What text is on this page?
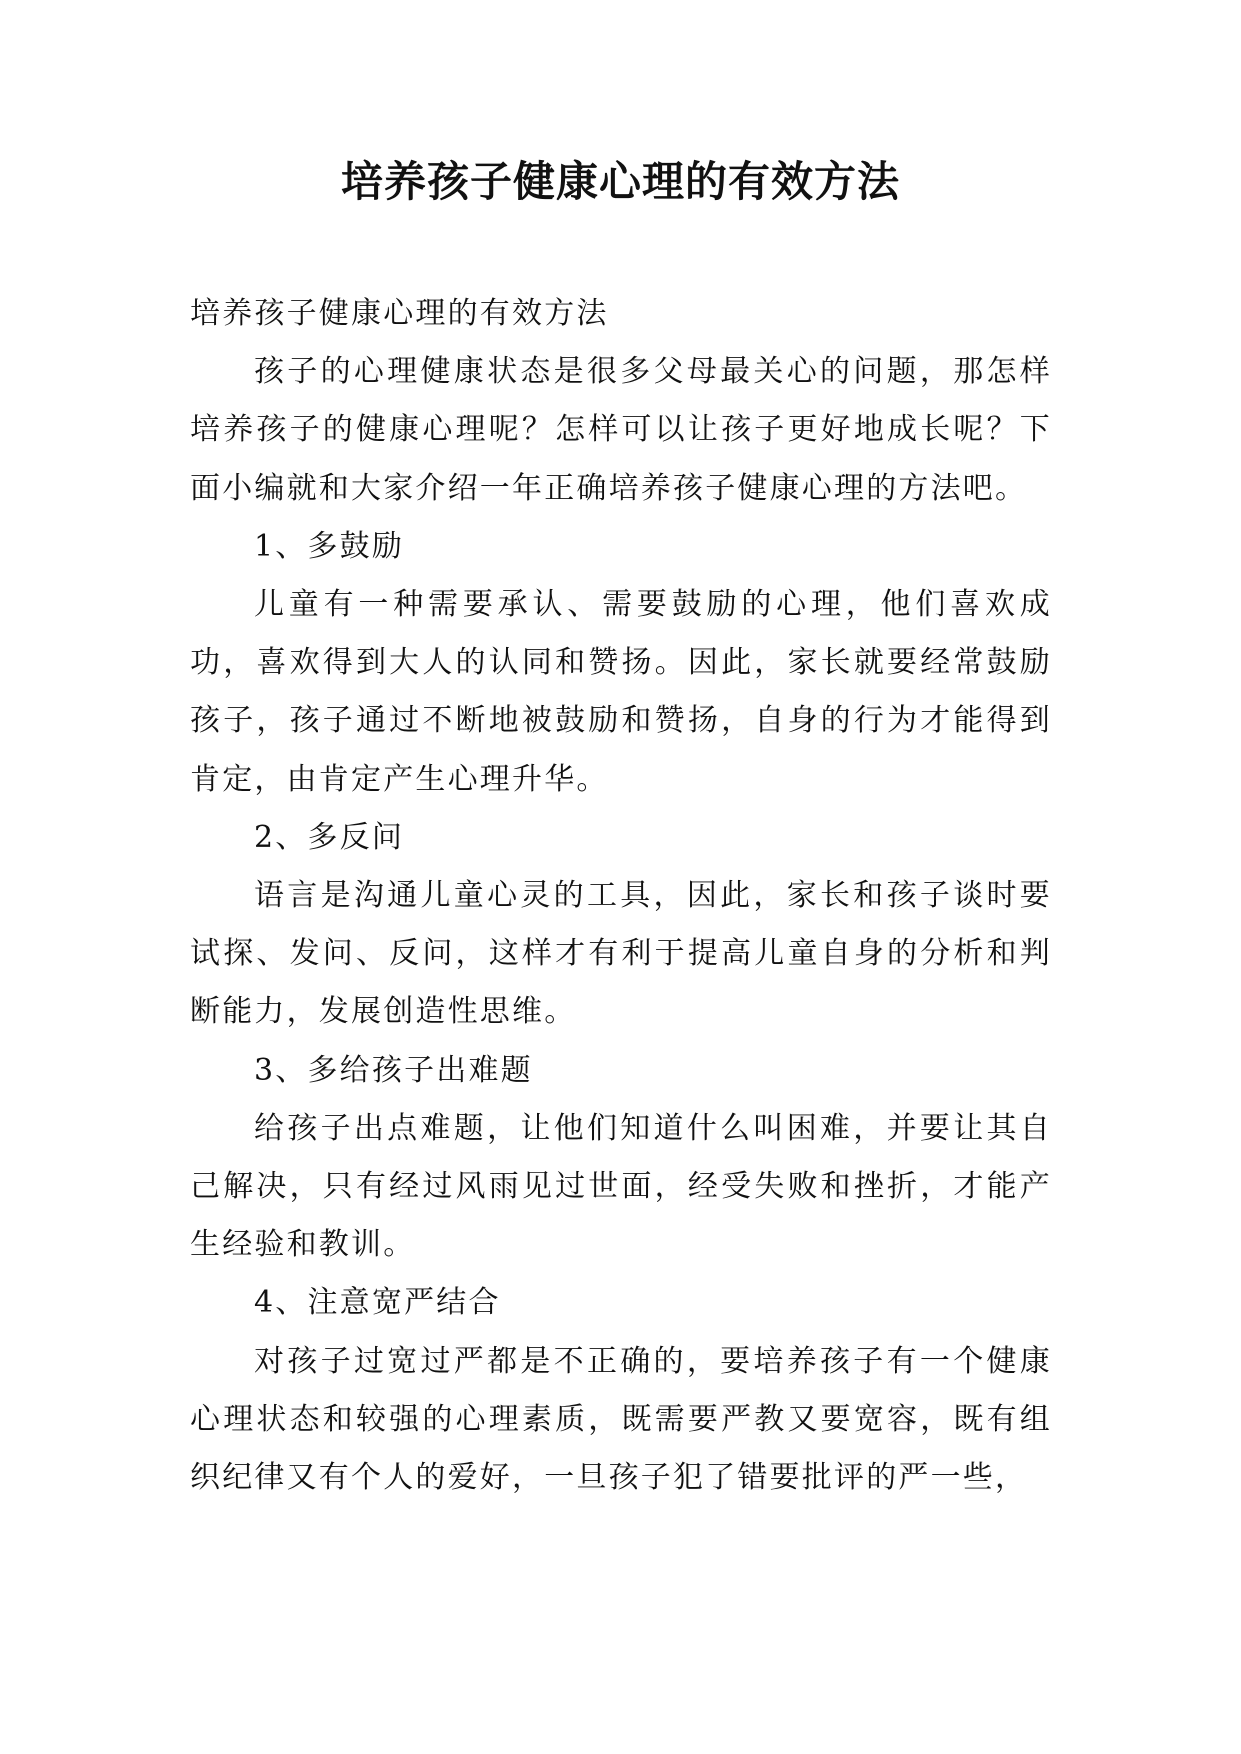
培养孩子健康心理的有效方法

培养孩子健康心理的有效方法

孩子的心理健康状态是很多父母最关心的问题，那怎样培养孩子的健康心理呢？怎样可以让孩子更好地成长呢？下面小编就和大家介绍一年正确培养孩子健康心理的方法吧。

1、多鼓励

儿童有一种需要承认、需要鼓励的心理，他们喜欢成功，喜欢得到大人的认同和赞扬。因此，家长就要经常鼓励孩子，孩子通过不断地被鼓励和赞扬，自身的行为才能得到肯定，由肯定产生心理升华。

2、多反问

语言是沟通儿童心灵的工具，因此，家长和孩子谈时要试探、发问、反问，这样才有利于提高儿童自身的分析和判断能力，发展创造性思维。

3、多给孩子出难题

给孩子出点难题，让他们知道什么叫困难，并要让其自己解决，只有经过风雨见过世面，经受失败和挫折，才能产生经验和教训。

4、注意宽严结合

对孩子过宽过严都是不正确的，要培养孩子有一个健康心理状态和较强的心理素质，既需要严教又要宽容，既有组织纪律又有个人的爱好，一旦孩子犯了错要批评的严一些，
